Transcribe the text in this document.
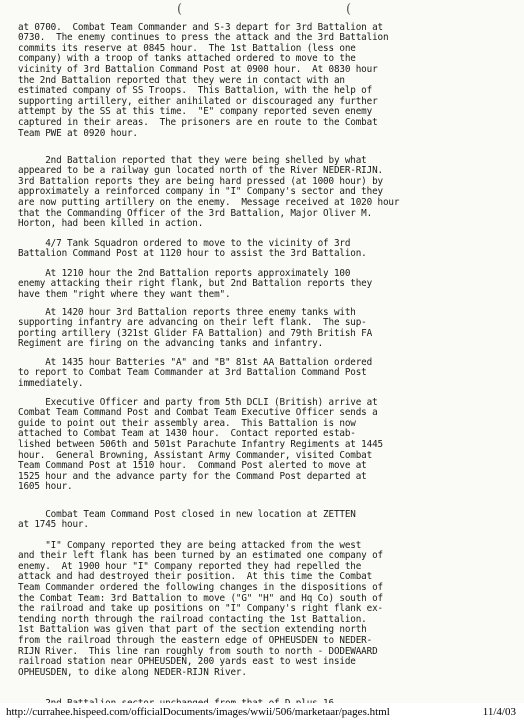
(	(

at 0700.  Combat Team Commander and S-3 depart for 3rd Battalion at
0730.  The enemy continues to press the attack and the 3rd Battalion
commits its reserve at 0845 hour.  The 1st Battalion (less one
company) with a troop of tanks attached ordered to move to the
vicinity of 3rd Battalion Command Post at 0900 hour.  At 0830 hour
the 2nd Battalion reported that they were in contact with an
estimated company of SS Troops.  This Battalion, with the help of
supporting artillery, either anihilated or discouraged any further
attempt by the SS at this time.  "E" company reported seven enemy
captured in their areas.  The prisoners are en route to the Combat
Team PWE at 0920 hour.

2nd Battalion reported that they were being shelled by what
appeared to be a railway gun located north of the River NEDER-RIJN.
3rd Battalion reports they are being hard pressed (at 1000 hour) by
approximately a reinforced company in "I" Company's sector and they
are now putting artillery on the enemy.  Message received at 1020 hour
that the Commanding Officer of the 3rd Battalion, Major Oliver M.
Horton, had been killed in action.

4/7 Tank Squadron ordered to move to the vicinity of 3rd
Battalion Command Post at 1120 hour to assist the 3rd Battalion.

At 1210 hour the 2nd Battalion reports approximately 100
enemy attacking their right flank, but 2nd Battalion reports they
have them "right where they want them".

At 1420 hour 3rd Battalion reports three enemy tanks with
supporting infantry are advancing on their left flank.  The sup-
porting artillery (321st Glider FA Battalion) and 79th British FA
Regiment are firing on the advancing tanks and infantry.

At 1435 hour Batteries "A" and "B" 81st AA Battalion ordered
to report to Combat Team Commander at 3rd Battalion Command Post
immediately.

Executive Officer and party from 5th DCLI (British) arrive at
Combat Team Command Post and Combat Team Executive Officer sends a
guide to point out their assembly area.  This Battalion is now
attached to Combat Team at 1430 hour.  Contact reported estab-
lished between 506th and 501st Parachute Infantry Regiments at 1445
hour.  General Browning, Assistant Army Commander, visited Combat
Team Command Post at 1510 hour.  Command Post alerted to move at
1525 hour and the advance party for the Command Post departed at
1605 hour.

Combat Team Command Post closed in new location at ZETTEN
at 1745 hour.

"I" Company reported they are being attacked from the west
and their left flank has been turned by an estimated one company of
enemy.  At 1900 hour "I" Company reported they had repelled the
attack and had destroyed their position.  At this time the Combat
Team Commander ordered the following changes in the dispositions of
the Combat Team: 3rd Battalion to move ("G" "H" and Hq Co) south of
the railroad and take up positions on "I" Company's right flank ex-
tending north through the railroad contacting the 1st Battalion.
1st Battalion was given that part of the section extending north
from the railroad through the eastern edge of OPHEUSDEN to NEDER-
RIJN River.  This line ran roughly from south to north - DODEWAARD
railroad station near OPHEUSDEN, 200 yards east to west inside
OPHEUSDEN, to dike along NEDER-RIJN River.

http://currahee.hispeed.com/officialDocuments/images/wwii/506/marketaar/pages.html	11/4/03
